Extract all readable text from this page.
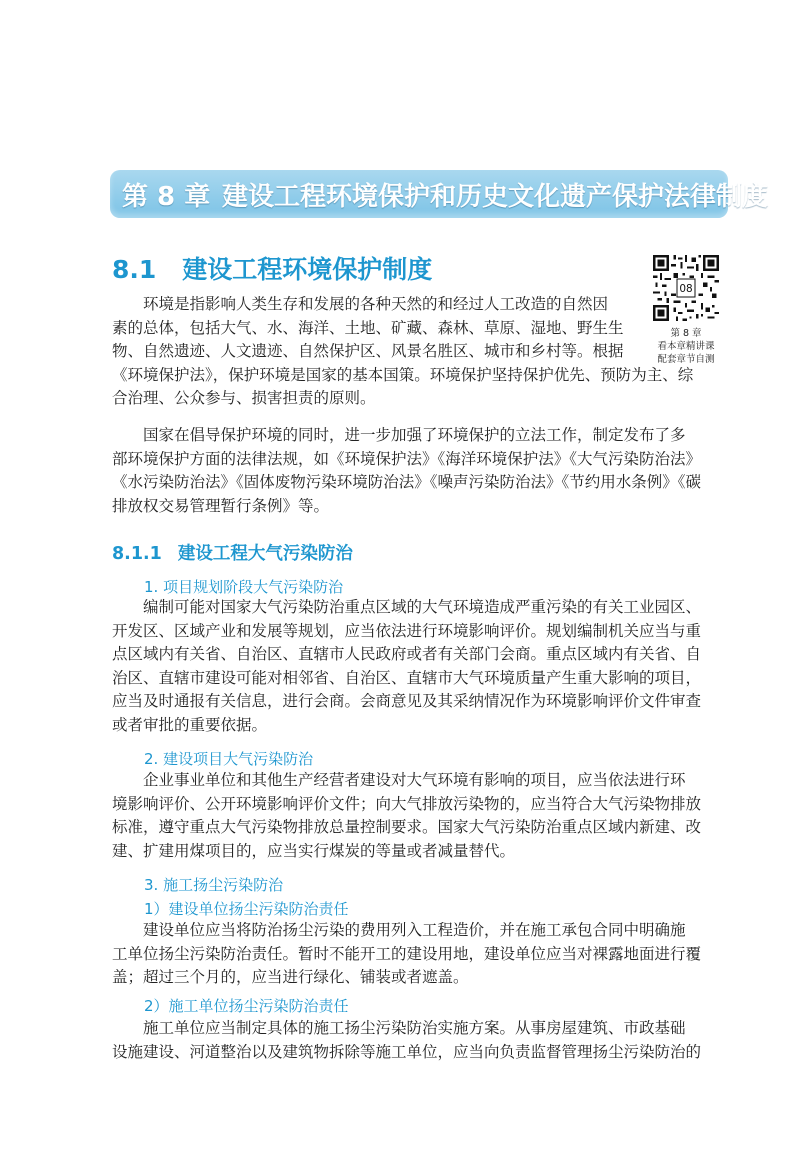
第 8 章 建设工程环境保护和历史文化遗产保护法律制度
8.1 建设工程环境保护制度
08
第 8 章
看本章精讲课
配套章节自测
　　环境是指影响人类生存和发展的各种天然的和经过人工改造的自然因
素的总体，包括大气、水、海洋、土地、矿藏、森林、草原、湿地、野生生
物、自然遗迹、人文遗迹、自然保护区、风景名胜区、城市和乡村等。根据
《环境保护法》，保护环境是国家的基本国策。环境保护坚持保护优先、预防为主、综
合治理、公众参与、损害担责的原则。
　　国家在倡导保护环境的同时，进一步加强了环境保护的立法工作，制定发布了多
部环境保护方面的法律法规，如《环境保护法》《海洋环境保护法》《大气污染防治法》
《水污染防治法》《固体废物污染环境防治法》《噪声污染防治法》《节约用水条例》《碳
排放权交易管理暂行条例》等。
8.1.1 建设工程大气污染防治
1. 项目规划阶段大气污染防治
　　编制可能对国家大气污染防治重点区域的大气环境造成严重污染的有关工业园区、
开发区、区域产业和发展等规划，应当依法进行环境影响评价。规划编制机关应当与重
点区域内有关省、自治区、直辖市人民政府或者有关部门会商。重点区域内有关省、自
治区、直辖市建设可能对相邻省、自治区、直辖市大气环境质量产生重大影响的项目，
应当及时通报有关信息，进行会商。会商意见及其采纳情况作为环境影响评价文件审查
或者审批的重要依据。
2. 建设项目大气污染防治
　　企业事业单位和其他生产经营者建设对大气环境有影响的项目，应当依法进行环
境影响评价、公开环境影响评价文件；向大气排放污染物的，应当符合大气污染物排放
标准，遵守重点大气污染物排放总量控制要求。国家大气污染防治重点区域内新建、改
建、扩建用煤项目的，应当实行煤炭的等量或者减量替代。
3. 施工扬尘污染防治
1）建设单位扬尘污染防治责任
　　建设单位应当将防治扬尘污染的费用列入工程造价，并在施工承包合同中明确施
工单位扬尘污染防治责任。暂时不能开工的建设用地，建设单位应当对裸露地面进行覆
盖；超过三个月的，应当进行绿化、铺装或者遮盖。
2）施工单位扬尘污染防治责任
　　施工单位应当制定具体的施工扬尘污染防治实施方案。从事房屋建筑、市政基础
设施建设、河道整治以及建筑物拆除等施工单位，应当向负责监督管理扬尘污染防治的
